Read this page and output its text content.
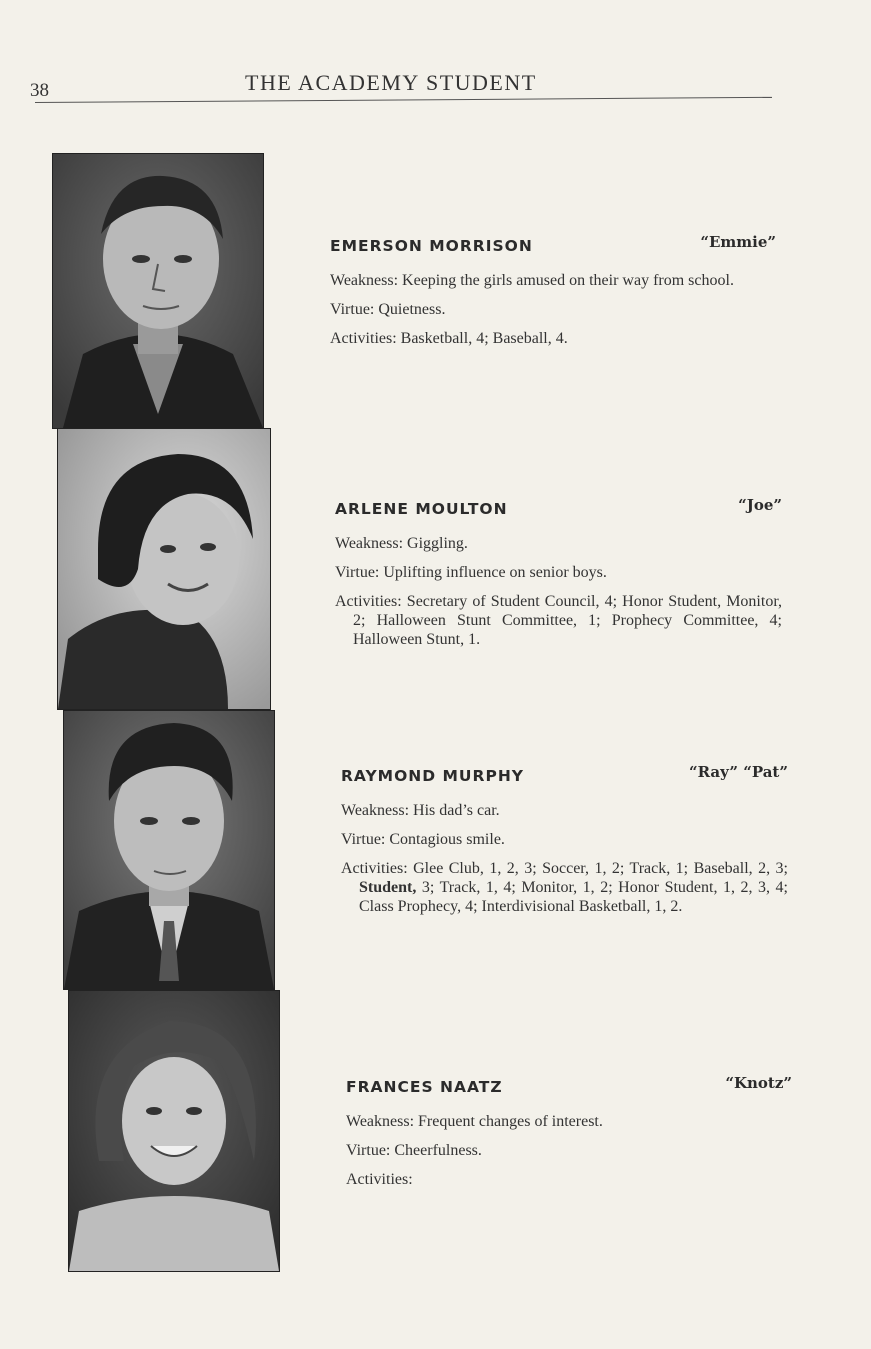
38	THE ACADEMY STUDENT
EMERSON MORRISON	“Emmie”
Weakness: Keeping the girls amused on their way from school.
Virtue: Quietness.
Activities: Basketball, 4; Baseball, 4.
ARLENE MOULTON	“Joe”
Weakness: Giggling.
Virtue: Uplifting influence on senior boys.
Activities: Secretary of Student Council, 4; Honor Student, Monitor, 2; Halloween Stunt Committee, 1; Prophecy Committee, 4; Halloween Stunt, 1.
RAYMOND MURPHY	“Ray” “Pat”
Weakness: His dad’s car.
Virtue: Contagious smile.
Activities: Glee Club, 1, 2, 3; Soccer, 1, 2; Track, 1; Baseball, 2, 3; Student, 3; Track, 1, 4; Monitor, 1, 2; Honor Student, 1, 2, 3, 4; Class Prophecy, 4; Interdivisional Basketball, 1, 2.
FRANCES NAATZ	“Knotz”
Weakness: Frequent changes of interest.
Virtue: Cheerfulness.
Activities:
